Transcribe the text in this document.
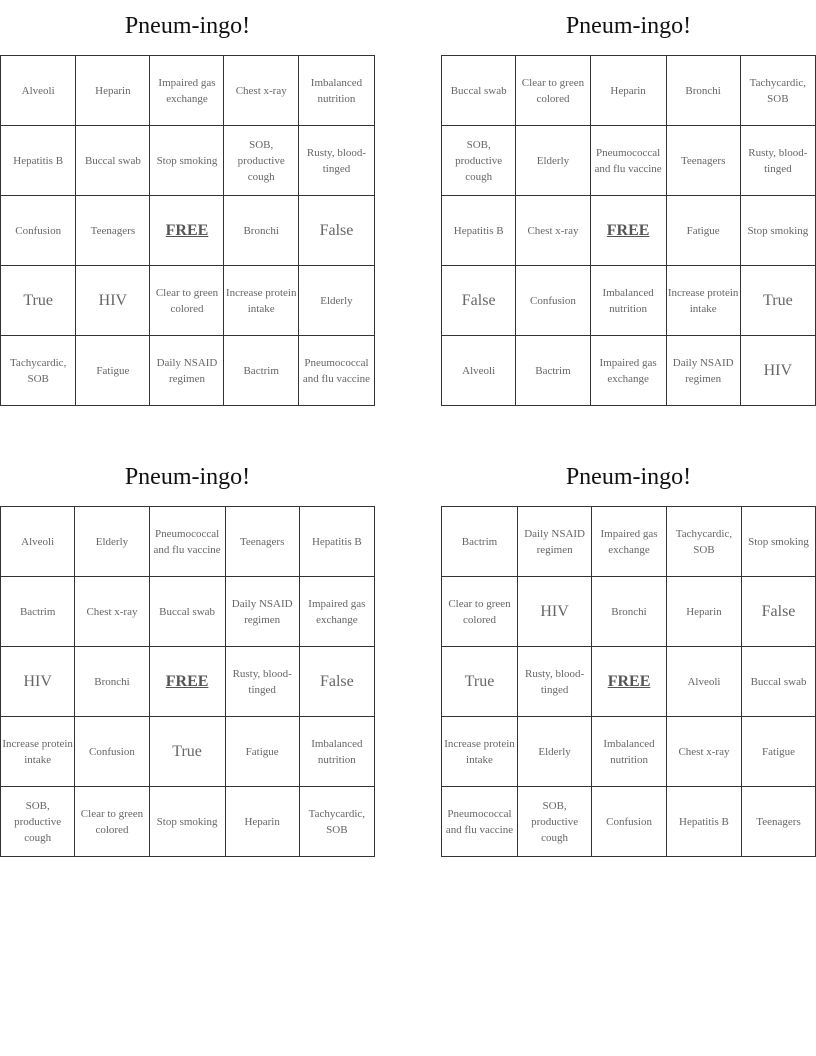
Pneum-ingo!
Alveoli	Heparin	Impaired gas exchange	Chest x-ray	Imbalanced nutrition
Hepatitis B	Buccal swab	Stop smoking	SOB, productive cough	Rusty, blood-tinged
Confusion	Teenagers	FREE	Bronchi	False
True	HIV	Clear to green colored	Increase protein intake	Elderly
Tachycardic, SOB	Fatigue	Daily NSAID regimen	Bactrim	Pneumococcal and flu vaccine
Pneum-ingo!
Buccal swab	Clear to green colored	Heparin	Bronchi	Tachycardic, SOB
SOB, productive cough	Elderly	Pneumococcal and flu vaccine	Teenagers	Rusty, blood-tinged
Hepatitis B	Chest x-ray	FREE	Fatigue	Stop smoking
False	Confusion	Imbalanced nutrition	Increase protein intake	True
Alveoli	Bactrim	Impaired gas exchange	Daily NSAID regimen	HIV
Pneum-ingo!
Alveoli	Elderly	Pneumococcal and flu vaccine	Teenagers	Hepatitis B
Bactrim	Chest x-ray	Buccal swab	Daily NSAID regimen	Impaired gas exchange
HIV	Bronchi	FREE	Rusty, blood-tinged	False
Increase protein intake	Confusion	True	Fatigue	Imbalanced nutrition
SOB, productive cough	Clear to green colored	Stop smoking	Heparin	Tachycardic, SOB
Pneum-ingo!
Bactrim	Daily NSAID regimen	Impaired gas exchange	Tachycardic, SOB	Stop smoking
Clear to green colored	HIV	Bronchi	Heparin	False
True	Rusty, blood-tinged	FREE	Alveoli	Buccal swab
Increase protein intake	Elderly	Imbalanced nutrition	Chest x-ray	Fatigue
Pneumococcal and flu vaccine	SOB, productive cough	Confusion	Hepatitis B	Teenagers
